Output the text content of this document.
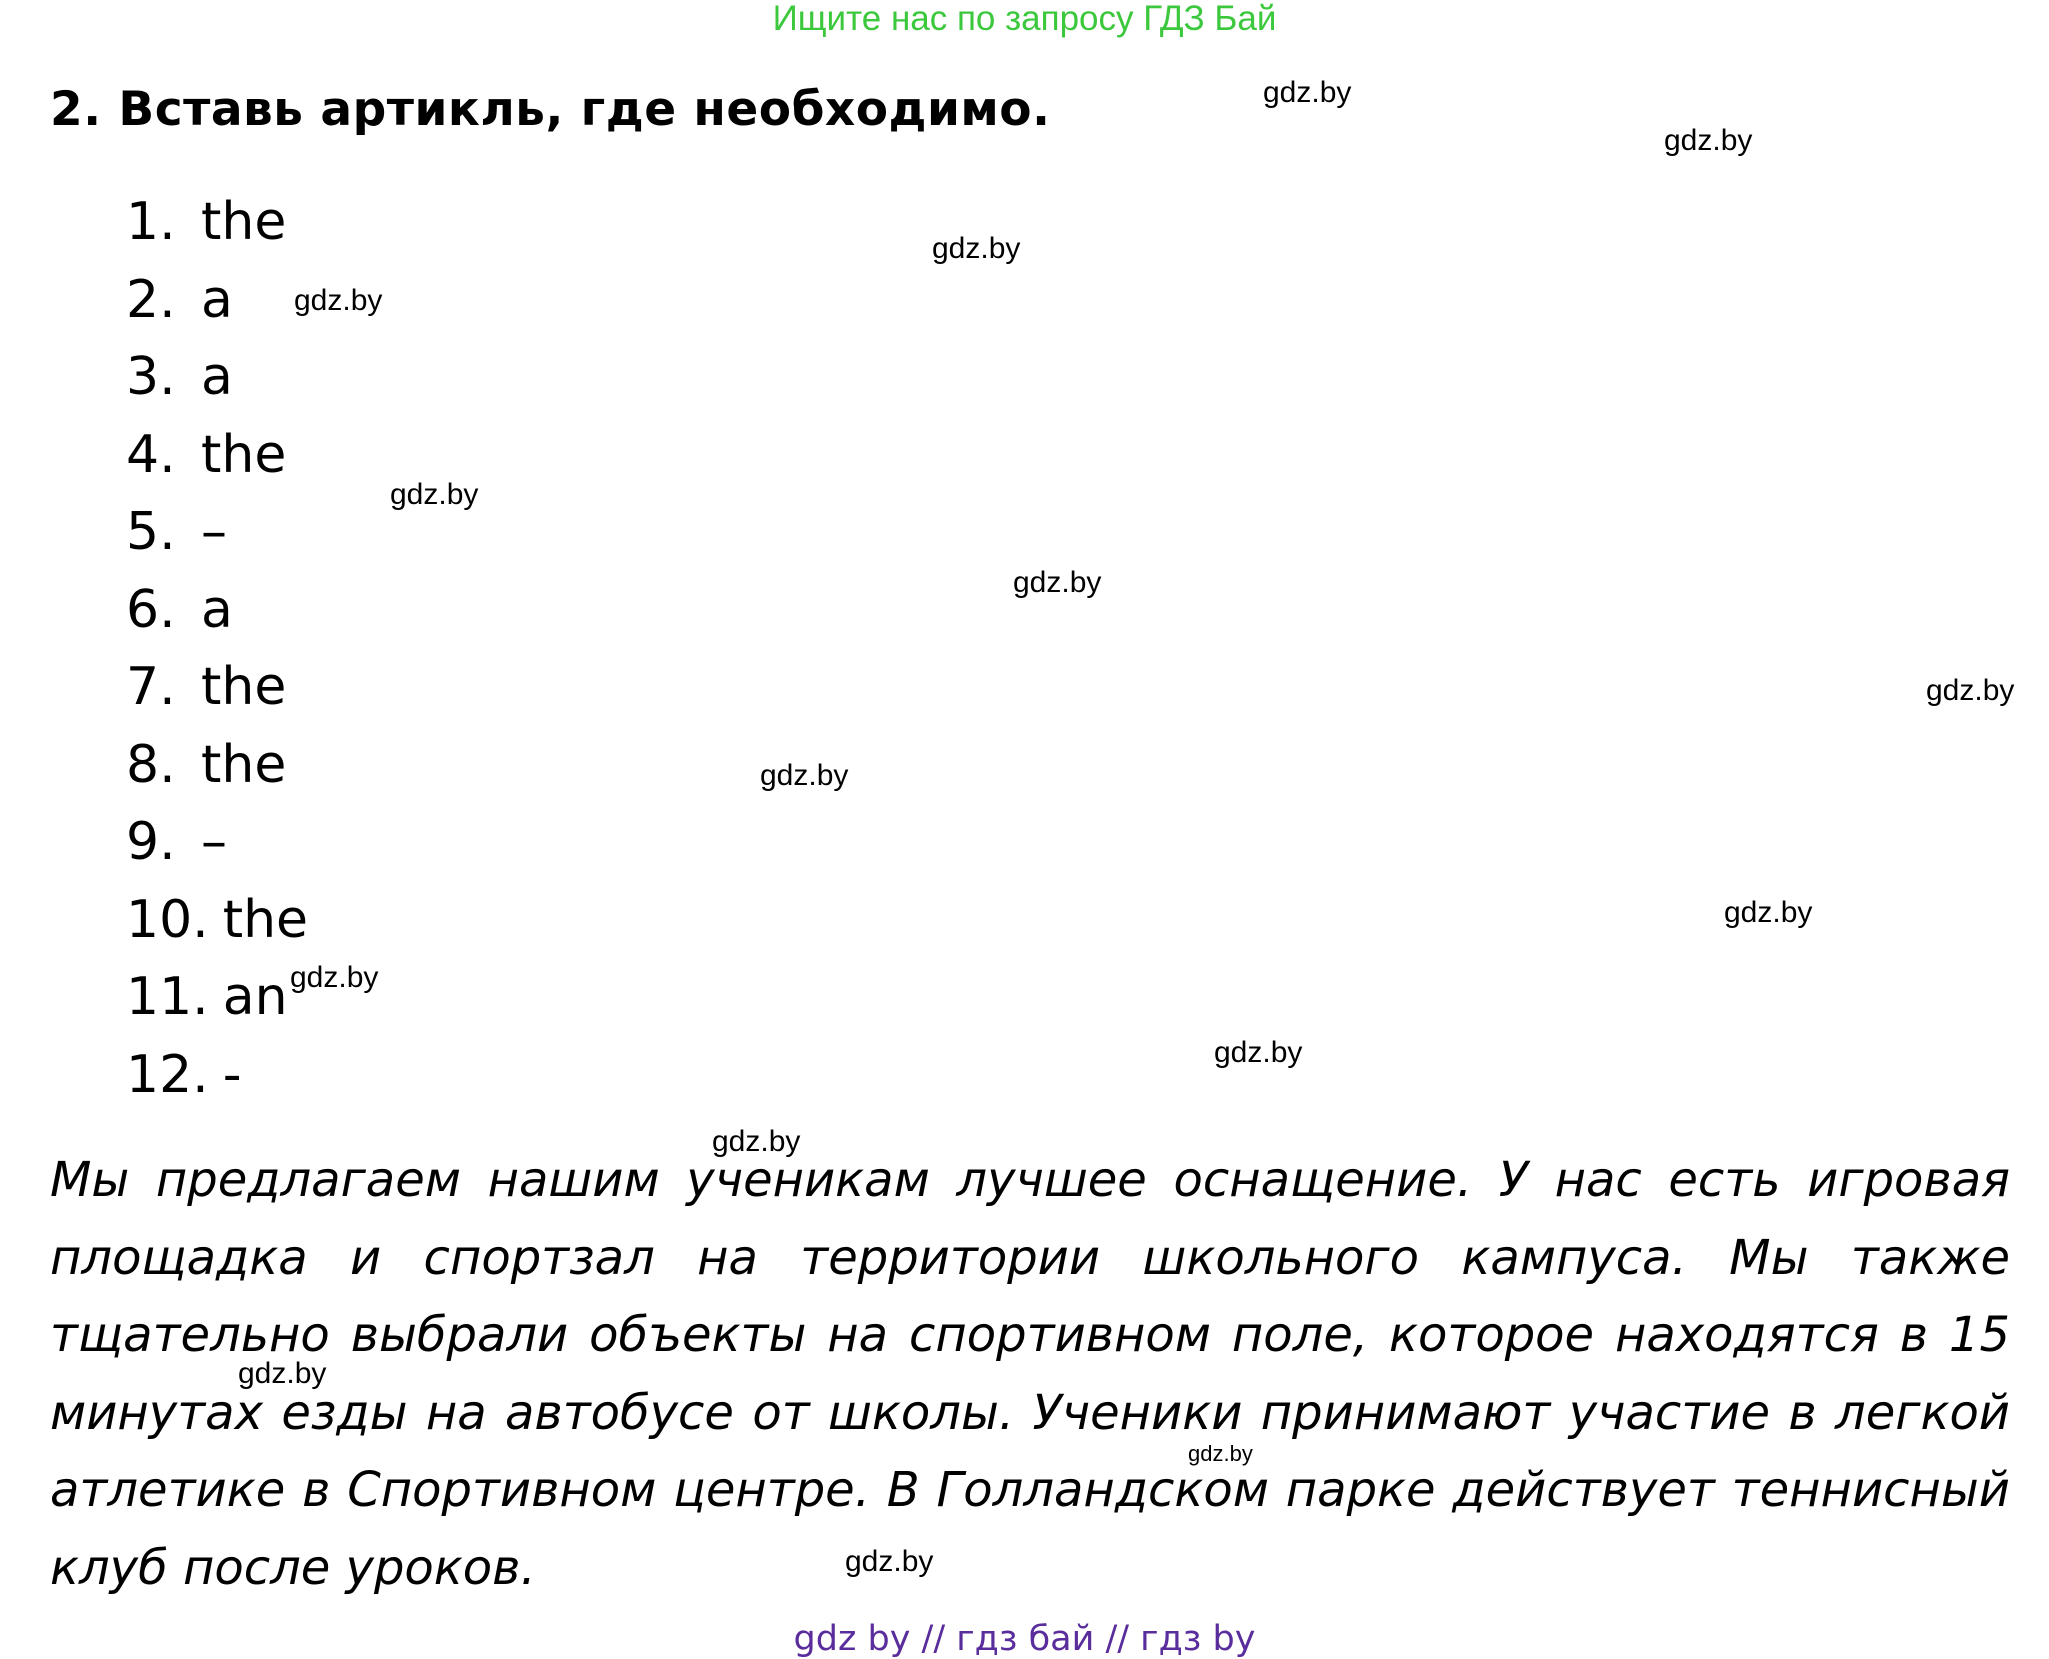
Ищите нас по запросу ГДЗ Бай
2. Вставь артикль, где необходимо.
1. the
2. a
3. a
4. the
5. –
6. a
7. the
8. the
9. –
10. the
11. an
12. -

Мы предлагаем нашим ученикам лучшее оснащение. У нас есть игровая площадка и спортзал на территории школьного кампуса. Мы также тщательно выбрали объекты на спортивном поле, которое находятся в 15 минутах езды на автобусе от школы. Ученики принимают участие в легкой атлетике в Спортивном центре. В Голландском парке действует теннисный клуб после уроков.

gdz.by
gdz.by
gdz.by
gdz.by
gdz.by
gdz.by
gdz.by
gdz.by
gdz.by
gdz.by
gdz.by
gdz.by
gdz.by
gdz.by
gdz.by
gdz by // гдз бай // гдз by
